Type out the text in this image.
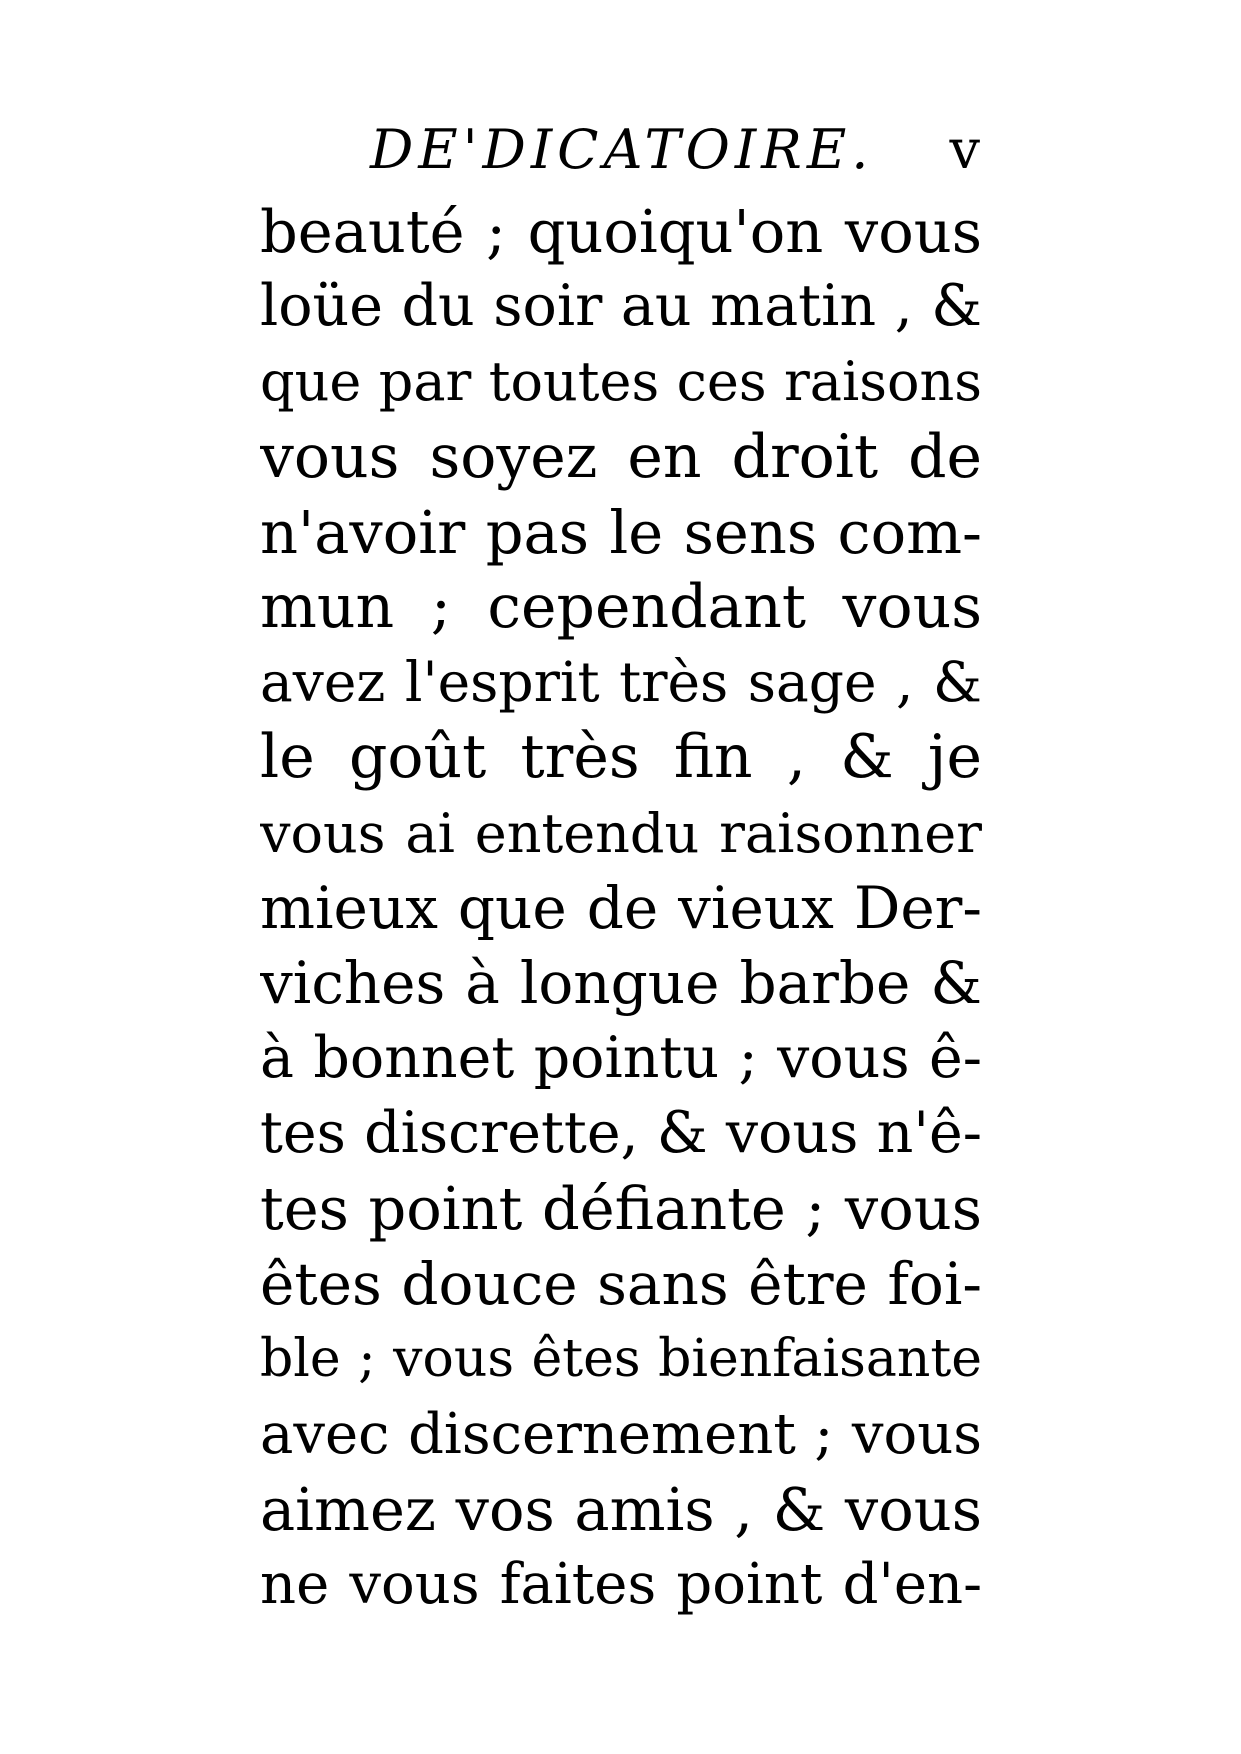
DE'DICATOIRE. v
beauté ; quoiqu'on vous
loüe du soir au matin , &
que par toutes ces raisons
vous soyez en droit de
n'avoir pas le sens com-
mun ; cependant vous
avez l'esprit très sage , &
le goût très fin , & je
vous ai entendu raisonner
mieux que de vieux Der-
viches à longue barbe &
à bonnet pointu ; vous ê-
tes discrette, & vous n'ê-
tes point défiante ; vous
êtes douce sans être foi-
ble ; vous êtes bienfaisante
avec discernement ; vous
aimez vos amis , & vous
ne vous faites point d'en-
